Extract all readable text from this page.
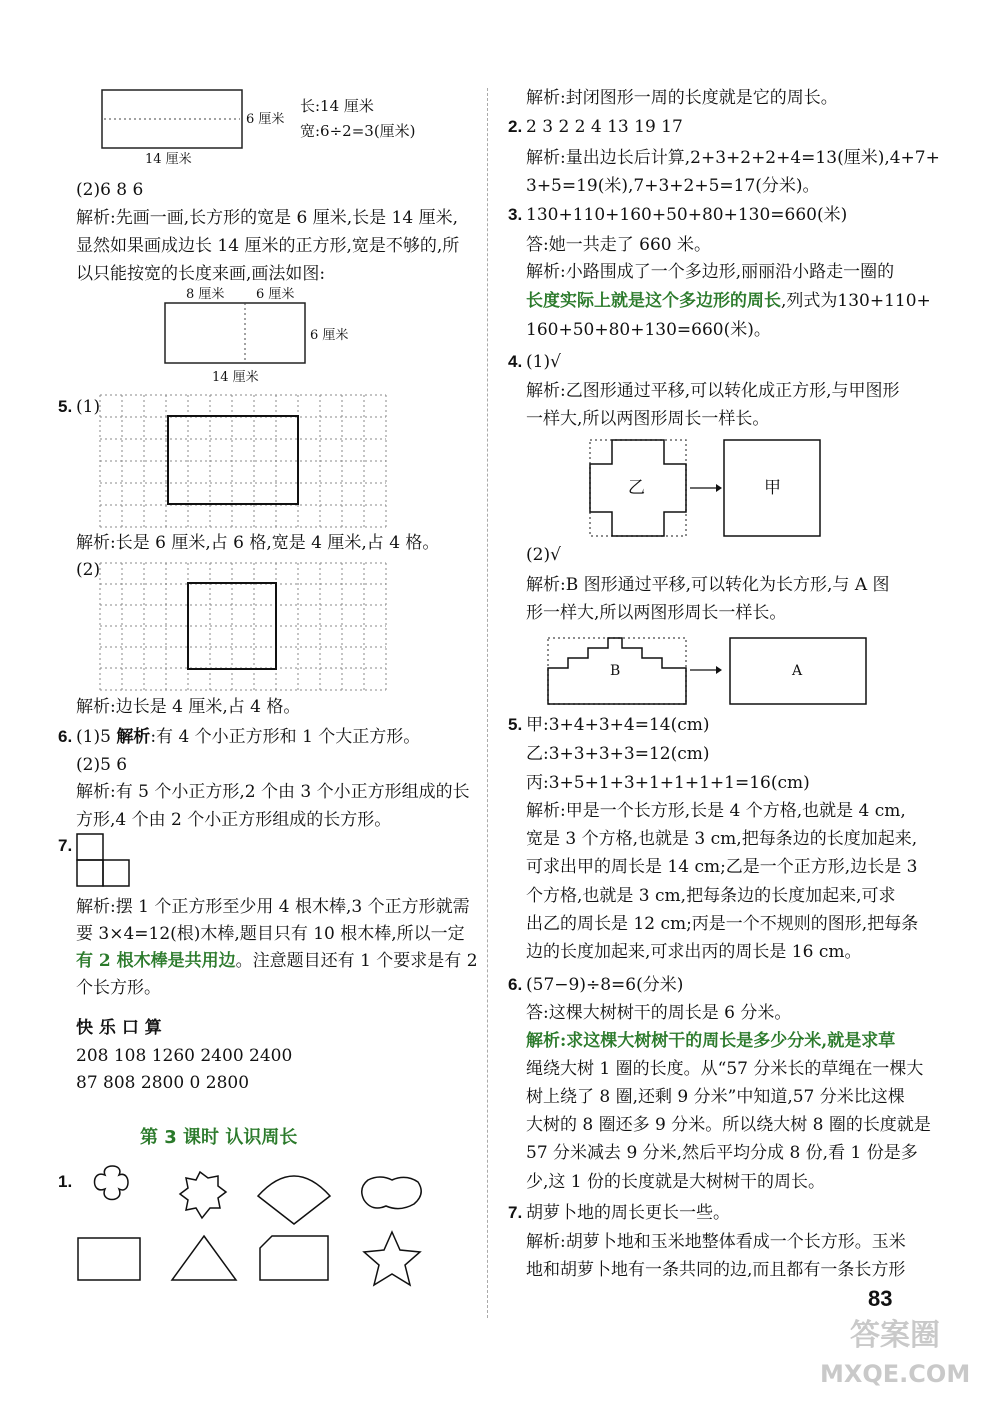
6 厘米
14 厘米
长:14 厘米
宽:6÷2=3(厘米)
(2)6 8 6
解析:先画一画,长方形的宽是 6 厘米,长是 14 厘米,
显然如果画成边长 14 厘米的正方形,宽是不够的,所
以只能按宽的长度来画,画法如图:
8 厘米 6 厘米
6 厘米
14 厘米
5. (1)
解析:长是 6 厘米,占 6 格,宽是 4 厘米,占 4 格。
(2)
解析:边长是 4 厘米,占 4 格。
6. (1)5 解析:有 4 个小正方形和 1 个大正方形。
(2)5 6
解析:有 5 个小正方形,2 个由 3 个小正方形组成的长
方形,4 个由 2 个小正方形组成的长方形。
7.
解析:摆 1 个正方形至少用 4 根木棒,3 个正方形就需
要 3×4=12(根)木棒,题目只有 10 根木棒,所以一定
有 2 根木棒是共用边。注意题目还有 1 个要求是有 2
个长方形。
快 乐 口 算
208 108 1260 2400 2400
87 808 2800 0 2800
第 3 课时 认识周长
1.
解析:封闭图形一周的长度就是它的周长。
2. 2 3 2 2 4 13 19 17
解析:量出边长后计算,2+3+2+2+4=13(厘米),4+7+
3+5=19(米),7+3+2+5=17(分米)。
3. 130+110+160+50+80+130=660(米)
答:她一共走了 660 米。
解析:小路围成了一个多边形,丽丽沿小路走一圈的
长度实际上就是这个多边形的周长,列式为130+110+
160+50+80+130=660(米)。
4. (1)√
解析:乙图形通过平移,可以转化成正方形,与甲图形
一样大,所以两图形周长一样长。
乙	甲
(2)√
解析:B 图形通过平移,可以转化为长方形,与 A 图
形一样大,所以两图形周长一样长。
B	A
5. 甲:3+4+3+4=14(cm)
乙:3+3+3+3=12(cm)
丙:3+5+1+3+1+1+1+1=16(cm)
解析:甲是一个长方形,长是 4 个方格,也就是 4 cm,
宽是 3 个方格,也就是 3 cm,把每条边的长度加起来,
可求出甲的周长是 14 cm;乙是一个正方形,边长是 3
个方格,也就是 3 cm,把每条边的长度加起来,可求
出乙的周长是 12 cm;丙是一个不规则的图形,把每条
边的长度加起来,可求出丙的周长是 16 cm。
6. (57−9)÷8=6(分米)
答:这棵大树树干的周长是 6 分米。
解析:求这棵大树树干的周长是多少分米,就是求草
绳绕大树 1 圈的长度。从“57 分米长的草绳在一棵大
树上绕了 8 圈,还剩 9 分米”中知道,57 分米比这棵
大树的 8 圈还多 9 分米。所以绕大树 8 圈的长度就是
57 分米减去 9 分米,然后平均分成 8 份,看 1 份是多
少,这 1 份的长度就是大树树干的周长。
7. 胡萝卜地的周长更长一些。
解析:胡萝卜地和玉米地整体看成一个长方形。玉米
地和胡萝卜地有一条共同的边,而且都有一条长方形
83
答案圈
MXQE.COM
